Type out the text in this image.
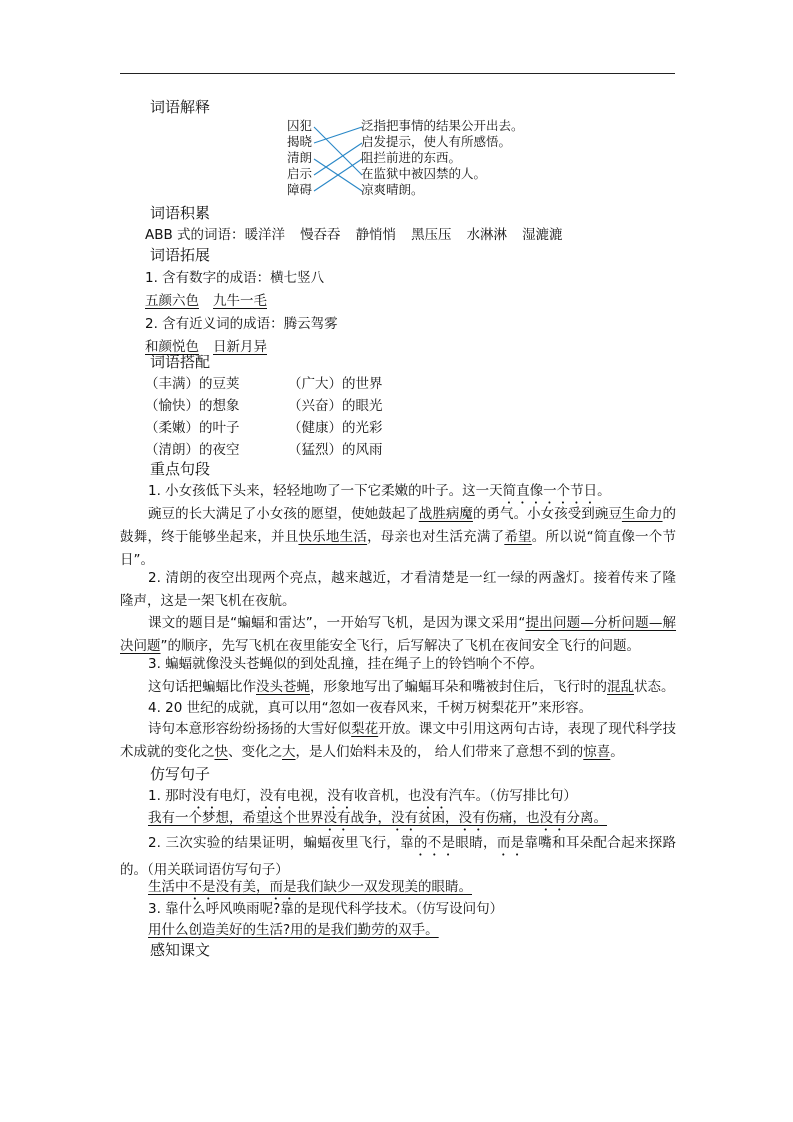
词语解释
囚犯
揭晓
清朗
启示
障碍
泛指把事情的结果公开出去。
启发提示，使人有所感悟。
阻拦前进的东西。
在监狱中被囚禁的人。
凉爽晴朗。
词语积累
ABB 式的词语：暖洋洋 慢吞吞 静悄悄 黑压压 水淋淋 湿漉漉
词语拓展
1. 含有数字的成语：横七竖八
五颜六色 九牛一毛
2. 含有近义词的成语：腾云驾雾
和颜悦色 日新月异
词语搭配
（丰满）的豆荚	（广大）的世界
（愉快）的想象	（兴奋）的眼光
（柔嫩）的叶子	（健康）的光彩
（清朗）的夜空	（猛烈）的风雨
重点句段
1. 小女孩低下头来，轻轻地吻了一下它柔嫩的叶子。这一天简直像一个节日。
豌豆的长大满足了小女孩的愿望，使她鼓起了战胜病魔的勇气。小女孩受到豌豆生命力的鼓舞，终于能够坐起来，并且快乐地生活，母亲也对生活充满了希望。所以说“简直像一个节日”。
2. 清朗的夜空出现两个亮点，越来越近，才看清楚是一红一绿的两盏灯。接着传来了隆隆声，这是一架飞机在夜航。
课文的题目是“蝙蝠和雷达”，一开始写飞机，是因为课文采用“提出问题—分析问题—解决问题”的顺序，先写飞机在夜里能安全飞行，后写解决了飞机在夜间安全飞行的问题。
3. 蝙蝠就像没头苍蝇似的到处乱撞，挂在绳子上的铃铛响个不停。
这句话把蝙蝠比作没头苍蝇，形象地写出了蝙蝠耳朵和嘴被封住后，飞行时的混乱状态。
4. 20 世纪的成就，真可以用“忽如一夜春风来，千树万树梨花开”来形容。
诗句本意形容纷纷扬扬的大雪好似梨花开放。课文中引用这两句古诗，表现了现代科学技术成就的变化之快、变化之大，是人们始料未及的， 给人们带来了意想不到的惊喜。
仿写句子
1. 那时没有电灯，没有电视，没有收音机，也没有汽车。（仿写排比句）
我有一个梦想，希望这个世界没有战争，没有贫困，没有伤痛，也没有分离。
2. 三次实验的结果证明，蝙蝠夜里飞行，靠的不是眼睛，而是靠嘴和耳朵配合起来探路的。（用关联词语仿写句子）
生活中不是没有美，而是我们缺少一双发现美的眼睛。
3. 靠什么呼风唤雨呢?靠的是现代科学技术。（仿写设问句）
用什么创造美好的生活?用的是我们勤劳的双手。
感知课文
